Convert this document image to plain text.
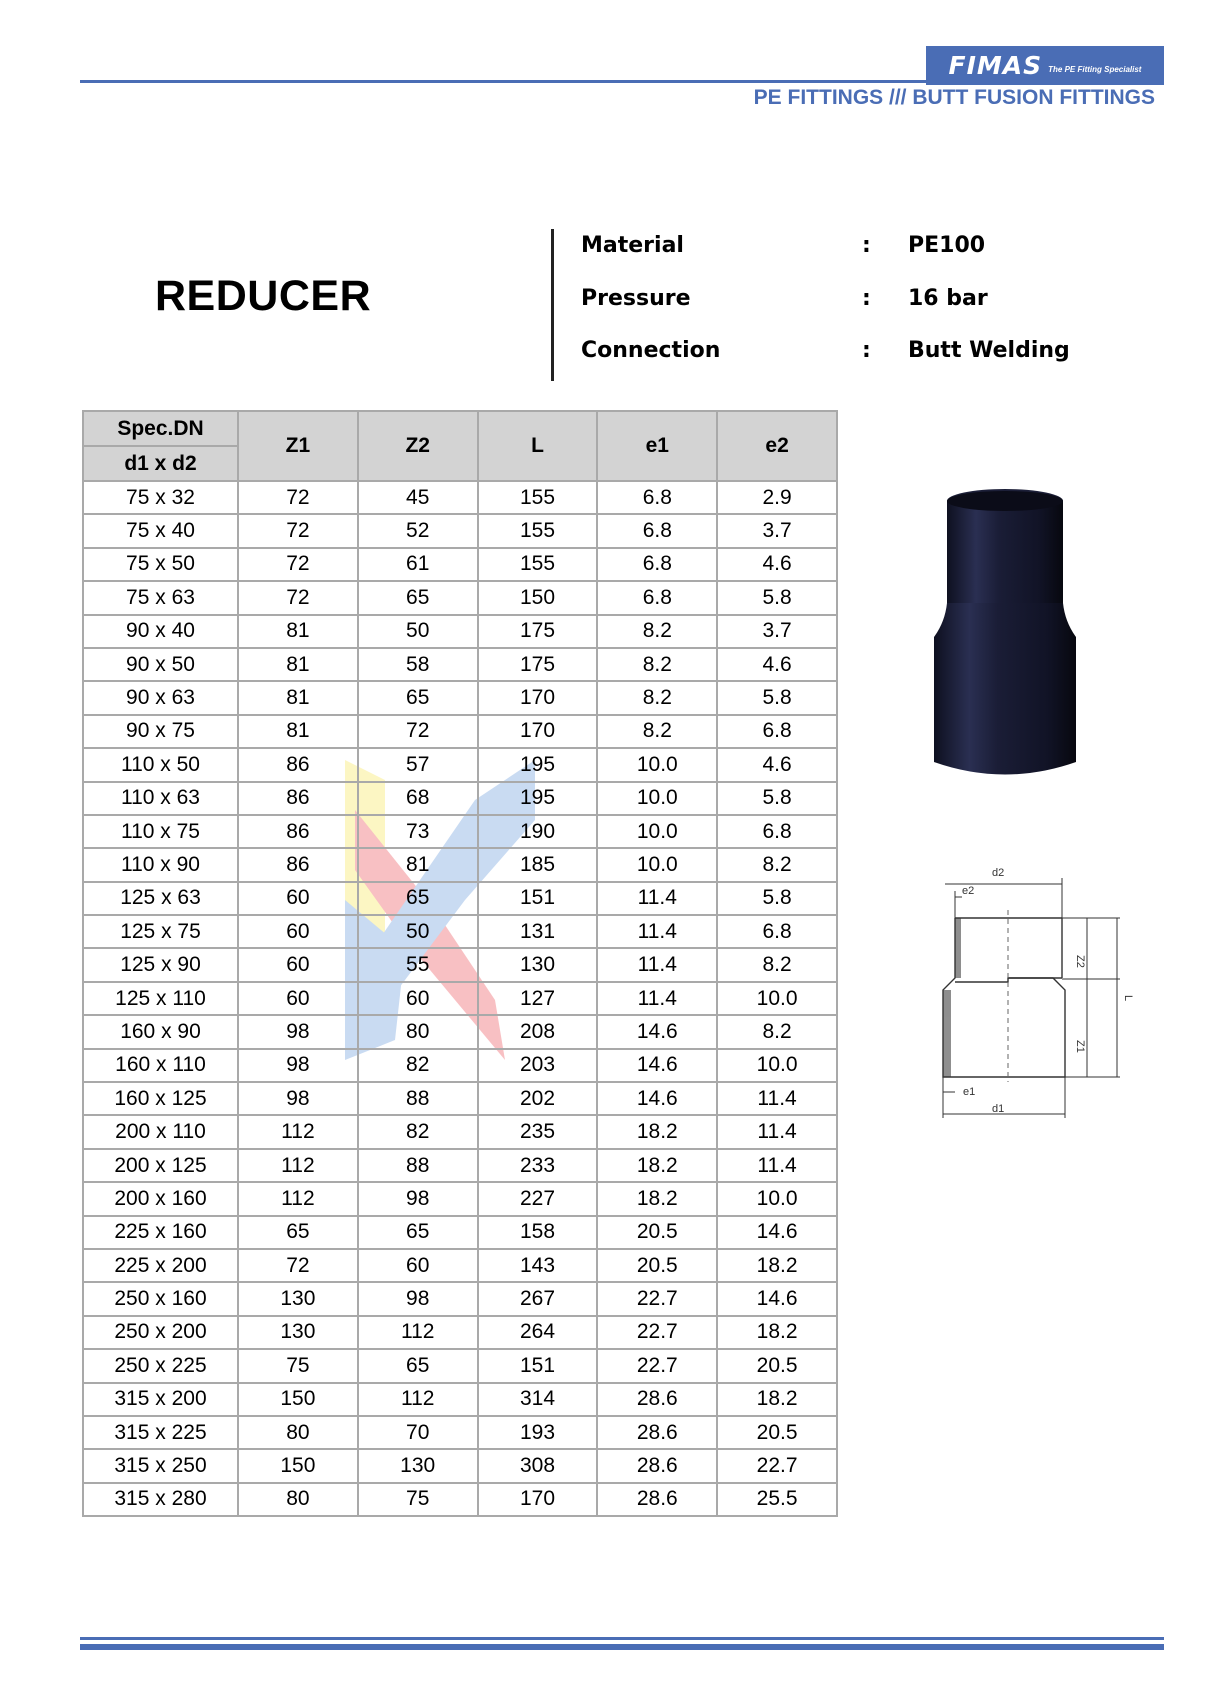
FIMAS The PE Fitting Specialist
PE FITTINGS /// BUTT FUSION FITTINGS
REDUCER
Material	: PE100
Pressure	: 16 bar
Connection	: Butt Welding
Spec.DN
d1 x d2	Z1	Z2	L	e1	e2
75 x 32	72	45	155	6.8	2.9
75 x 40	72	52	155	6.8	3.7
75 x 50	72	61	155	6.8	4.6
75 x 63	72	65	150	6.8	5.8
90 x 40	81	50	175	8.2	3.7
90 x 50	81	58	175	8.2	4.6
90 x 63	81	65	170	8.2	5.8
90 x 75	81	72	170	8.2	6.8
110 x 50	86	57	195	10.0	4.6
110 x 63	86	68	195	10.0	5.8
110 x 75	86	73	190	10.0	6.8
110 x 90	86	81	185	10.0	8.2
125 x 63	60	65	151	11.4	5.8
125 x 75	60	50	131	11.4	6.8
125 x 90	60	55	130	11.4	8.2
125 x 110	60	60	127	11.4	10.0
160 x 90	98	80	208	14.6	8.2
160 x 110	98	82	203	14.6	10.0
160 x 125	98	88	202	14.6	11.4
200 x 110	112	82	235	18.2	11.4
200 x 125	112	88	233	18.2	11.4
200 x 160	112	98	227	18.2	10.0
225 x 160	65	65	158	20.5	14.6
225 x 200	72	60	143	20.5	18.2
250 x 160	130	98	267	22.7	14.6
250 x 200	130	112	264	22.7	18.2
250 x 225	75	65	151	22.7	20.5
315 x 200	150	112	314	28.6	18.2
315 x 225	80	70	193	28.6	20.5
315 x 250	150	130	308	28.6	22.7
315 x 280	80	75	170	28.6	25.5
d2
e2
Z2
L
Z1
e1
d1
